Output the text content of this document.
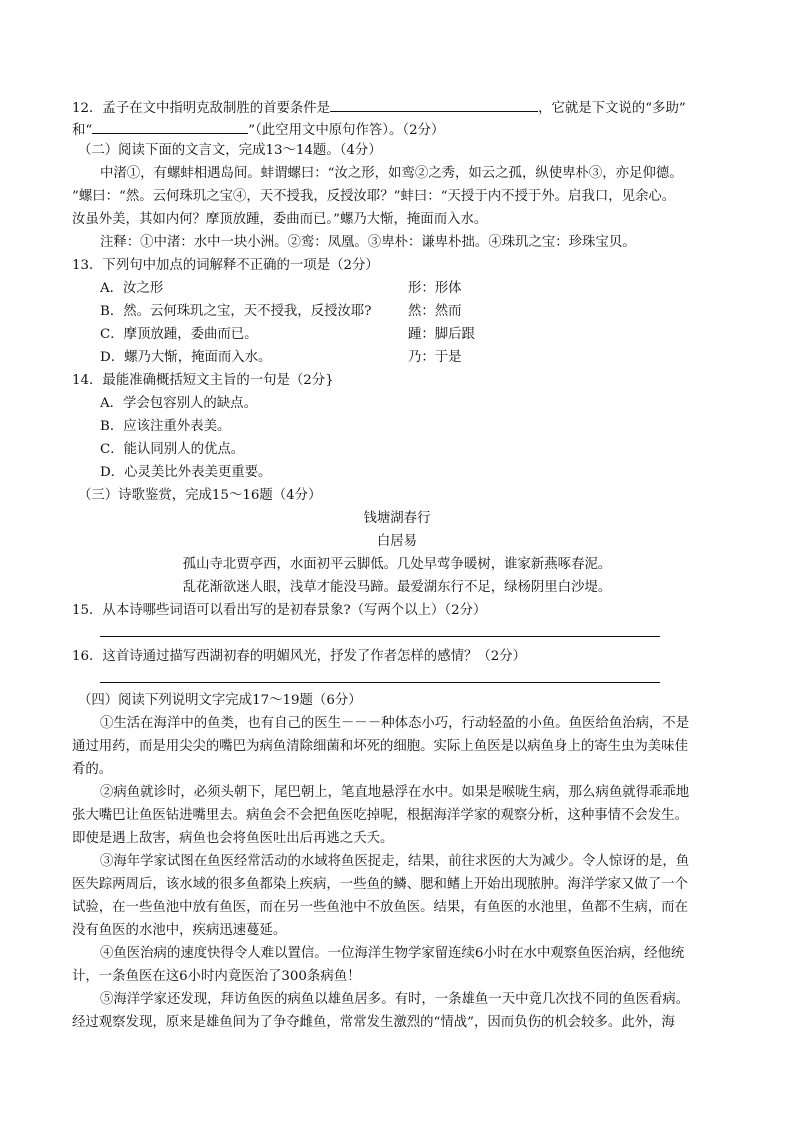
12．孟子在文中指明克敌制胜的首要条件是	，它就是下文说的“多助”
和“	”（此空用文中原句作答）。（2分）
（二）阅读下面的文言文，完成13～14题。（4分）
中渚①，有螺蚌相遇岛间。蚌谓螺曰：“汝之形，如鸾②之秀，如云之孤，纵使卑朴③，亦足仰德。
”螺曰：“然。云何珠玑之宝④，天不授我，反授汝耶？”蚌曰：“天授于内不授于外。启我口，见余心。
汝虽外美，其如内何？摩顶放踵，委曲而已。”螺乃大惭，掩面而入水。
注释：①中渚：水中一块小洲。②鸾：凤凰。③卑朴：谦卑朴拙。④珠玑之宝：珍珠宝贝。
13．下列句中加点的词解释不正确的一项是（2分）
A．汝之形	形：形体
B．然。云何珠玑之宝，天不授我，反授汝耶?	然：然而
C．摩顶放踵，委曲而已。	踵：脚后跟
D．螺乃大惭，掩面而入水。	乃：于是
14．最能准确概括短文主旨的一句是（2分}
A．学会包容别人的缺点。
B．应该注重外表美。
C．能认同别人的优点。
D．心灵美比外表美更重要。
（三）诗歌鉴赏，完成15～16题（4分）
钱塘湖春行
白居易
孤山寺北贾亭西，水面初平云脚低。几处早莺争暖树，谁家新燕啄春泥。
乱花渐欲迷人眼，浅草才能没马蹄。最爱湖东行不足，绿杨阴里白沙堤。
15．从本诗哪些词语可以看出写的是初春景象?（写两个以上）（2分）
16．这首诗通过描写西湖初春的明媚风光，抒发了作者怎样的感情？（2分）
（四）阅读下列说明文字完成17～19题（6分）
①生活在海洋中的鱼类，也有自己的医生－－－种体态小巧，行动轻盈的小鱼。鱼医给鱼治病，不是
通过用药，而是用尖尖的嘴巴为病鱼清除细菌和坏死的细胞。实际上鱼医是以病鱼身上的寄生虫为美味佳
肴的。
②病鱼就诊时，必须头朝下，尾巴朝上，笔直地悬浮在水中。如果是喉咙生病，那么病鱼就得乖乖地
张大嘴巴让鱼医钻进嘴里去。病鱼会不会把鱼医吃掉呢，根据海洋学家的观察分析，这种事情不会发生。
即使是遇上敌害，病鱼也会将鱼医吐出后再逃之夭夭。
③海年学家试图在鱼医经常活动的水域将鱼医捉走，结果，前往求医的大为减少。令人惊讶的是，鱼
医失踪两周后，该水域的很多鱼都染上疾病，一些鱼的鳞、腮和鳍上开始出现脓肿。海洋学家又做了一个
试验，在一些鱼池中放有鱼医，而在另一些鱼池中不放鱼医。结果，有鱼医的水池里，鱼都不生病，而在
没有鱼医的水池中，疾病迅速蔓延。
④鱼医治病的速度快得令人难以置信。一位海洋生物学家留连续6小时在水中观察鱼医治病，经他统
计，一条鱼医在这6小时内竟医治了300条病鱼！
⑤海洋学家还发现，拜访鱼医的病鱼以雄鱼居多。有时，一条雄鱼一天中竟几次找不同的鱼医看病。
经过观察发现，原来是雄鱼间为了争夺雌鱼，常常发生激烈的“情战”，因而负伤的机会较多。此外，海
